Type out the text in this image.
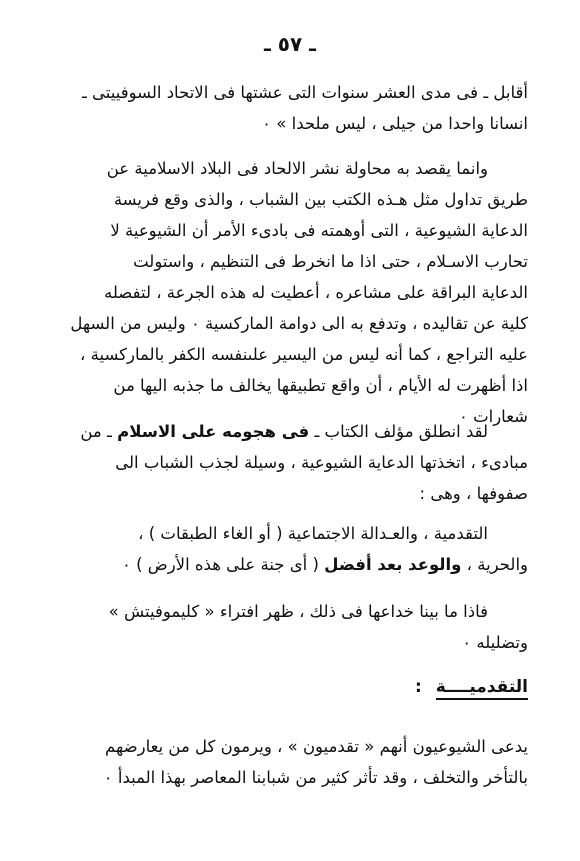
ـ ٥٧ ـ
أقابل ـ فى مدى العشر سنوات التى عشتها فى الاتحاد السوفييتى ـ
انسانا واحدا من جيلى ، ليس ملحدا » ٠
وانما يقصد به محاولة نشر الالحاد فى البلاد الاسلامية عن
طريق تداول مثل هـذه الكتب بين الشباب ، والذى وقع فريسة
الدعاية الشيوعية ، التى أوهمته فى بادىء الأمر أن الشيوعية لا
تحارب الاسـلام ، حتى اذا ما انخرط فى التنظيم ، واستولت
الدعاية البراقة على مشاعره ، أعطيت له هذه الجرعة ، لتفصله
كلية عن تقاليده ، وتدفع به الى دوامة الماركسية ٠ وليس من السهل
عليه التراجع ، كما أنه ليس من اليسير علىنفسه الكفر بالماركسية ،
اذا أظهرت له الأيام ، أن واقع تطبيقها يخالف ما جذبه اليها من
شعارات ٠
لقد انطلق مؤلف الكتاب ـ فى هجومه على الاسلام ـ من
مبادىء ، اتخذتها الدعاية الشيوعية ، وسيلة لجذب الشباب الى
صفوفها ، وهى :
التقدمية ، والعـدالة الاجتماعية ( أو الغاء الطبقات ) ،
والحرية ، والوعد بعد أفضل ( أى جنة على هذه الأرض ) ٠
فاذا ما بينا خداعها فى ذلك ، ظهر افتراء « كليموفيتش »
وتضليله ٠
التقدميــــة:
يدعى الشيوعيون أنهم « تقدميون » ، ويرمون كل من يعارضهم
بالتأخر والتخلف ، وقد تأثر كثير من شبابنا المعاصر بهذا المبدأ ٠
